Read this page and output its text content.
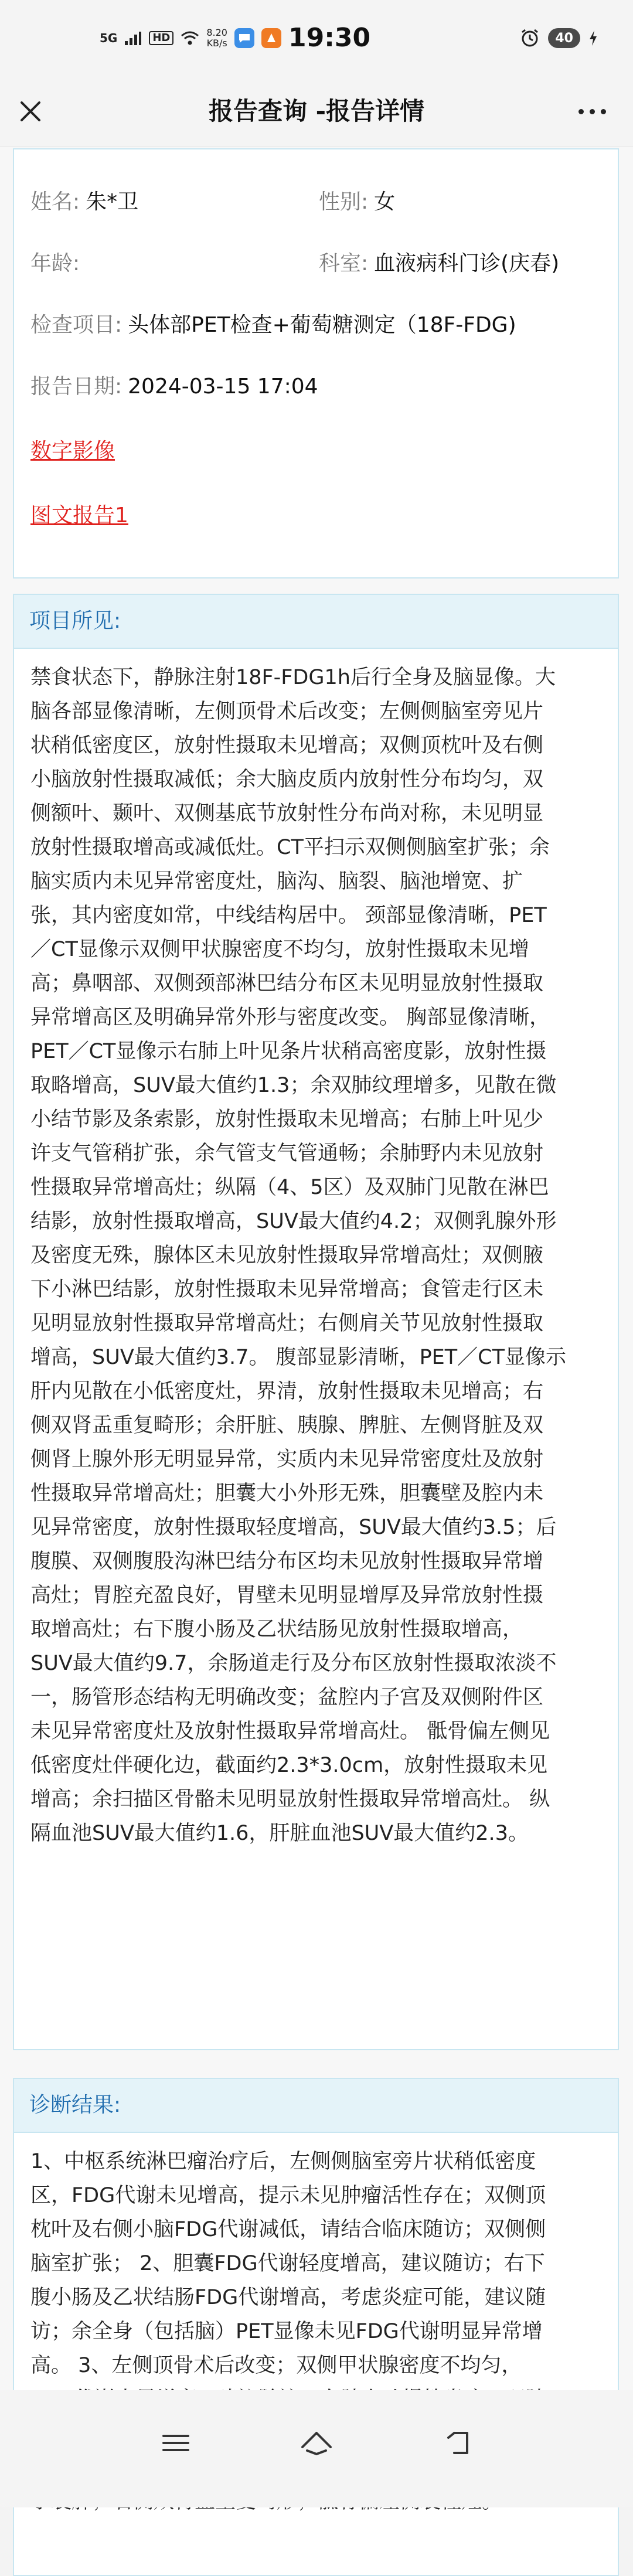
5G	HD	8.20
KB/s 19:30	40
报告查询 -报告详情
姓名: 朱*卫	性别: 女
年龄:	科室: 血液病科门诊(庆春)
检查项目: 头体部PET检查+葡萄糖测定（18F-FDG)
报告日期: 2024-03-15 17:04
数字影像
图文报告1
项目所见:
禁食状态下，静脉注射18F-FDG1h后行全身及脑显像。大
脑各部显像清晰，左侧顶骨术后改变；左侧侧脑室旁见片
状稍低密度区，放射性摄取未见增高；双侧顶枕叶及右侧
小脑放射性摄取减低；余大脑皮质内放射性分布均匀，双
侧额叶、颞叶、双侧基底节放射性分布尚对称，未见明显
放射性摄取增高或减低灶。CT平扫示双侧侧脑室扩张；余
脑实质内未见异常密度灶，脑沟、脑裂、脑池增宽、扩
张，其内密度如常，中线结构居中。 颈部显像清晰，PET
／CT显像示双侧甲状腺密度不均匀，放射性摄取未见增
高；鼻咽部、双侧颈部淋巴结分布区未见明显放射性摄取
异常增高区及明确异常外形与密度改变。 胸部显像清晰，
PET／CT显像示右肺上叶见条片状稍高密度影，放射性摄
取略增高，SUV最大值约1.3；余双肺纹理增多，见散在微
小结节影及条索影，放射性摄取未见增高；右肺上叶见少
许支气管稍扩张，余气管支气管通畅；余肺野内未见放射
性摄取异常增高灶；纵隔（4、5区）及双肺门见散在淋巴
结影，放射性摄取增高，SUV最大值约4.2；双侧乳腺外形
及密度无殊，腺体区未见放射性摄取异常增高灶；双侧腋
下小淋巴结影，放射性摄取未见异常增高；食管走行区未
见明显放射性摄取异常增高灶；右侧肩关节见放射性摄取
增高，SUV最大值约3.7。 腹部显影清晰，PET／CT显像示
肝内见散在小低密度灶，界清，放射性摄取未见增高；右
侧双肾盂重复畸形；余肝脏、胰腺、脾脏、左侧肾脏及双
侧肾上腺外形无明显异常，实质内未见异常密度灶及放射
性摄取异常增高灶；胆囊大小外形无殊，胆囊壁及腔内未
见异常密度，放射性摄取轻度增高，SUV最大值约3.5；后
腹膜、双侧腹股沟淋巴结分布区均未见放射性摄取异常增
高灶；胃腔充盈良好，胃壁未见明显增厚及异常放射性摄
取增高灶；右下腹小肠及乙状结肠见放射性摄取增高，
SUV最大值约9.7，余肠道走行及分布区放射性摄取浓淡不
一，肠管形态结构无明确改变；盆腔内子宫及双侧附件区
未见异常密度灶及放射性摄取异常增高灶。 骶骨偏左侧见
低密度灶伴硬化边，截面约2.3*3.0cm，放射性摄取未见
增高；余扫描区骨骼未见明显放射性摄取异常增高灶。 纵
隔血池SUV最大值约1.6，肝脏血池SUV最大值约2.3。
诊断结果:
1、中枢系统淋巴瘤治疗后，左侧侧脑室旁片状稍低密度
区，FDG代谢未见增高，提示未见肿瘤活性存在；双侧顶
枕叶及右侧小脑FDG代谢减低，请结合临床随访；双侧侧
脑室扩张； 2、胆囊FDG代谢轻度增高，建议随访；右下
腹小肠及乙状结肠FDG代谢增高，考虑炎症可能，建议随
访；余全身（包括脑）PET显像未见FDG代谢明显异常增
高。 3、左侧顶骨术后改变；双侧甲状腺密度不均匀，
